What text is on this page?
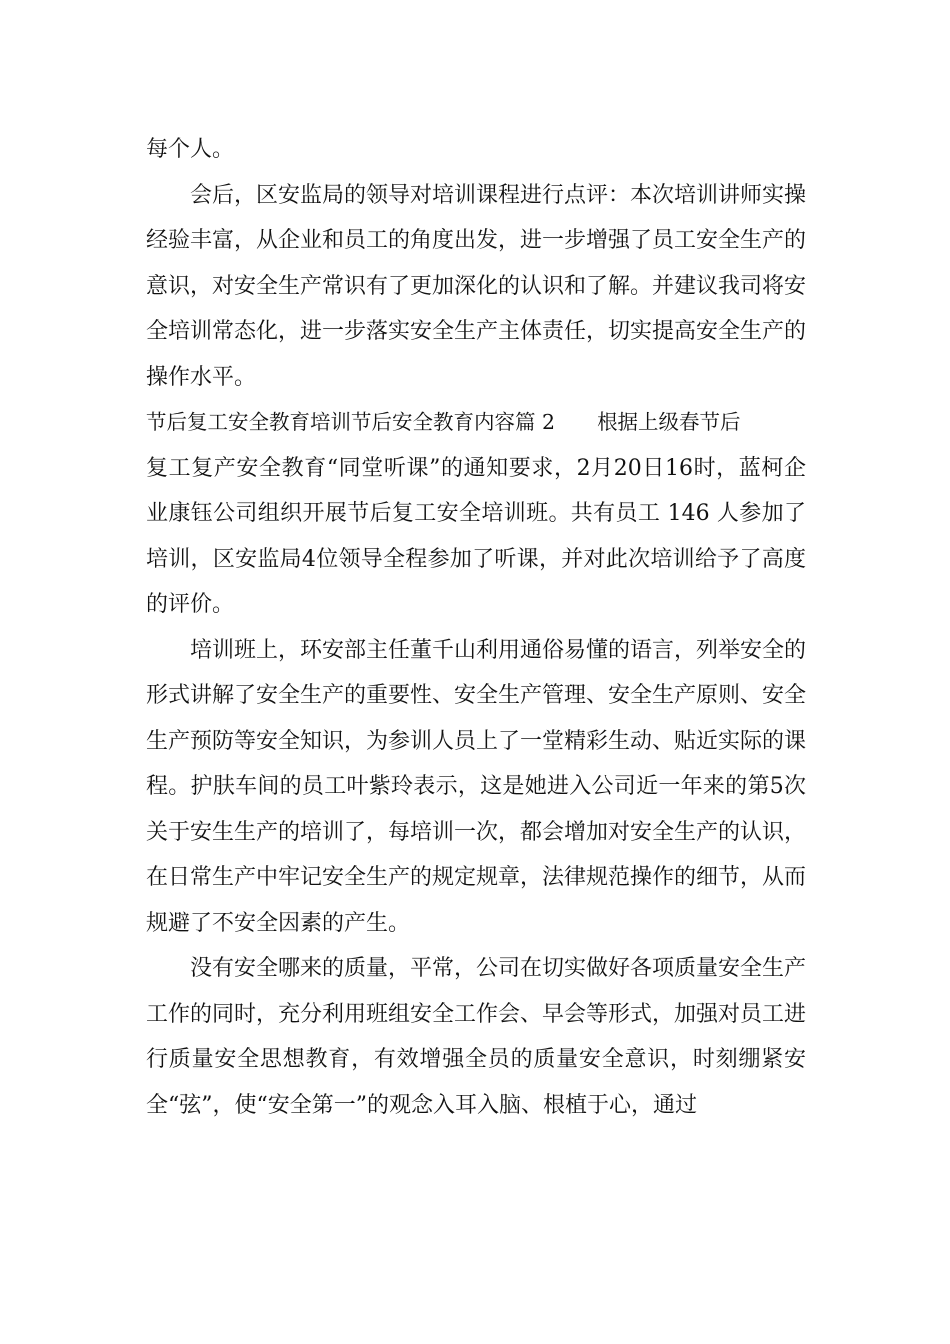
每个人。

会后，区安监局的领导对培训课程进行点评：本次培训讲师实操经验丰富，从企业和员工的角度出发，进一步增强了员工安全生产的意识，对安全生产常识有了更加深化的认识和了解。并建议我司将安全培训常态化，进一步落实安全生产主体责任，切实提高安全生产的操作水平。

节后复工安全教育培训节后安全教育内容篇 2 根据上级春节后

复工复产安全教育“同堂听课”的通知要求，2月20日16时，蓝柯企业康钰公司组织开展节后复工安全培训班。共有员工 146 人参加了培训，区安监局4位领导全程参加了听课，并对此次培训给予了高度的评价。

培训班上，环安部主任董千山利用通俗易懂的语言，列举安全的形式讲解了安全生产的重要性、安全生产管理、安全生产原则、安全生产预防等安全知识，为参训人员上了一堂精彩生动、贴近实际的课程。护肤车间的员工叶紫玲表示，这是她进入公司近一年来的第5次关于安生生产的培训了，每培训一次，都会增加对安全生产的认识，在日常生产中牢记安全生产的规定规章，法律规范操作的细节，从而规避了不安全因素的产生。

没有安全哪来的质量，平常，公司在切实做好各项质量安全生产工作的同时，充分利用班组安全工作会、早会等形式，加强对员工进行质量安全思想教育，有效增强全员的质量安全意识，时刻绷紧安全“弦”，使“安全第一”的观念入耳入脑、根植于心，通过
